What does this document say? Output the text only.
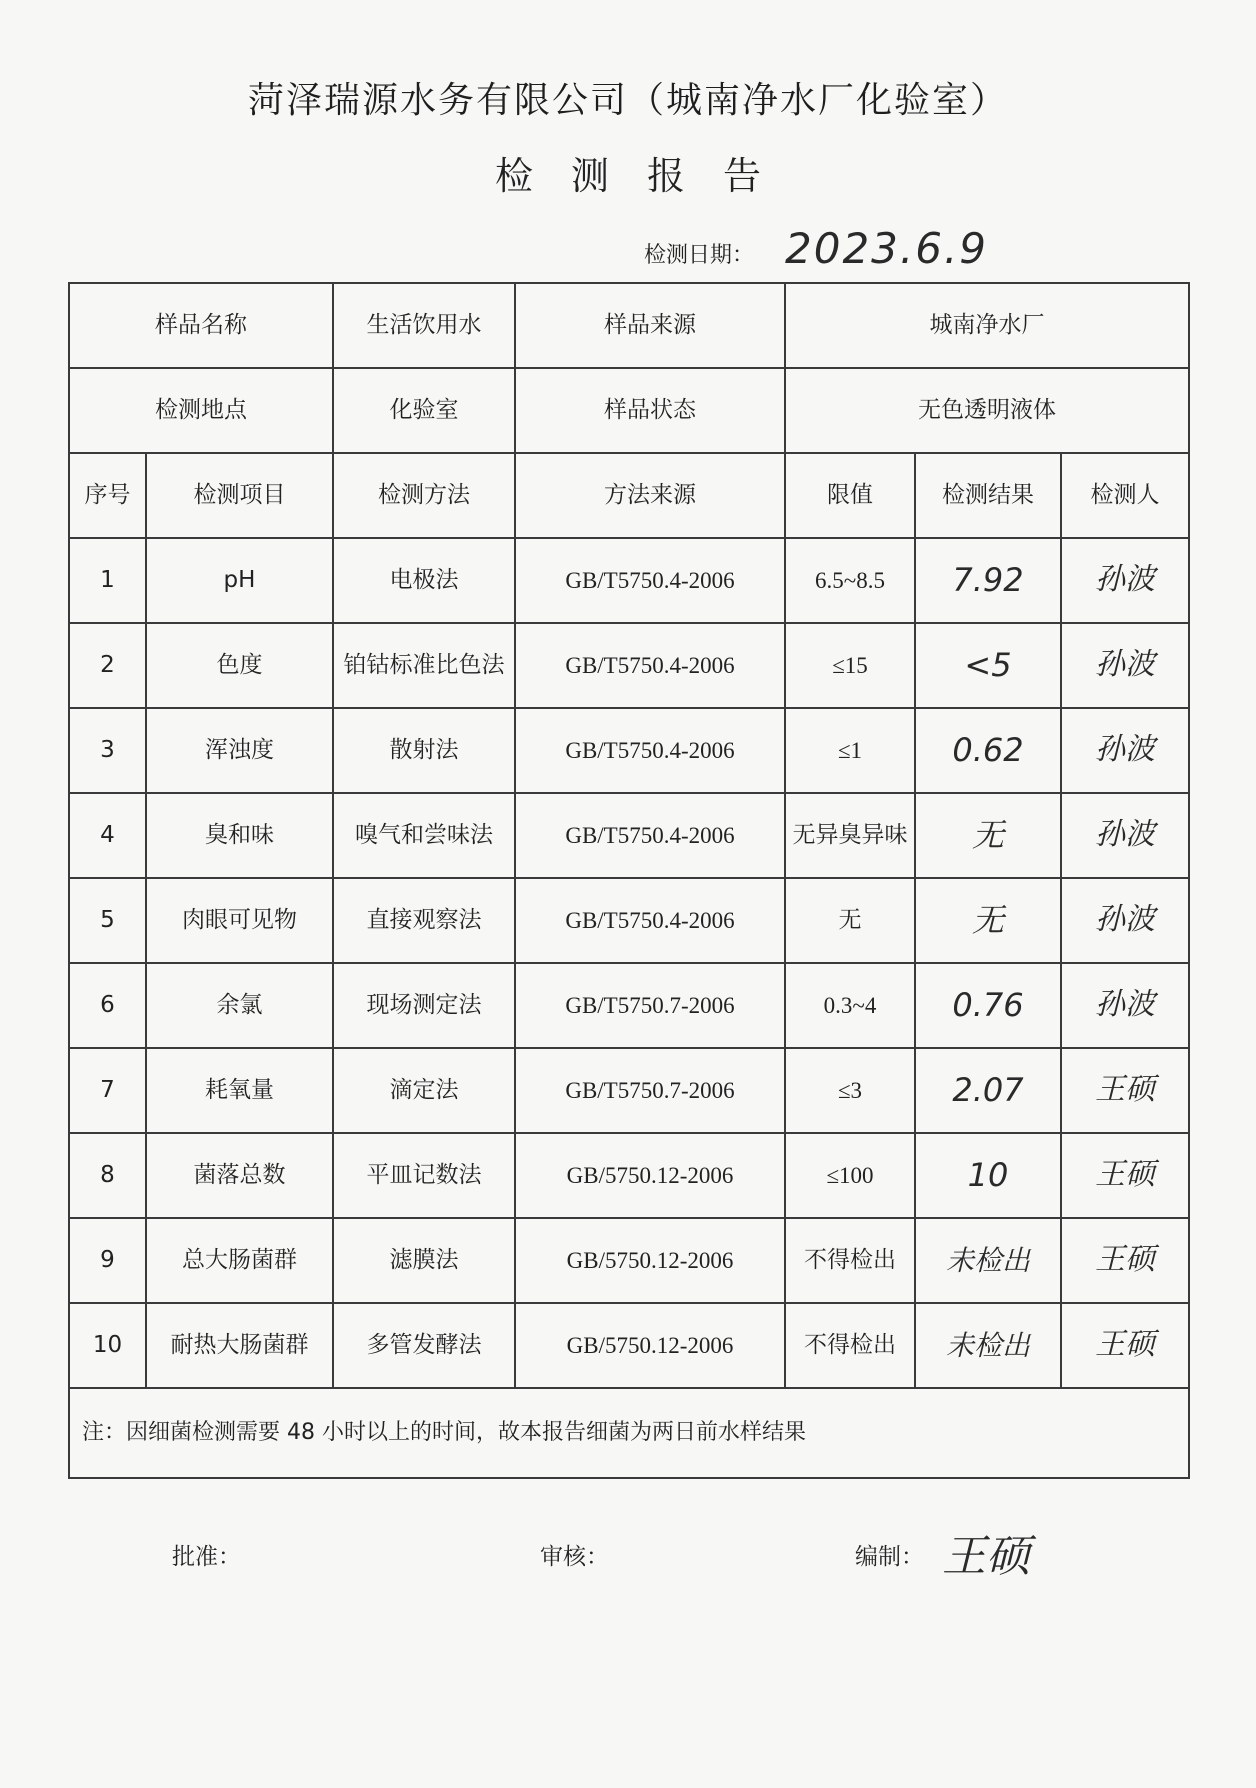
菏泽瑞源水务有限公司（城南净水厂化验室）
检测报告
检测日期： 2023.6.9
样品名称		生活饮用水	样品来源	城南净水厂		
检测地点		化验室	样品状态	无色透明液体		
序号	检测项目	检测方法	方法来源	限值	检测结果	检测人
1	pH	电极法	GB/T5750.4-2006	6.5~8.5	7.92	孙波
2	色度	铂钴标准比色法	GB/T5750.4-2006	≤15	<5	孙波
3	浑浊度	散射法	GB/T5750.4-2006	≤1	0.62	孙波
4	臭和味	嗅气和尝味法	GB/T5750.4-2006	无异臭异味	无	孙波
5	肉眼可见物	直接观察法	GB/T5750.4-2006	无	无	孙波
6	余氯	现场测定法	GB/T5750.7-2006	0.3~4	0.76	孙波
7	耗氧量	滴定法	GB/T5750.7-2006	≤3	2.07	王硕
8	菌落总数	平皿记数法	GB/5750.12-2006	≤100	10	王硕
9	总大肠菌群	滤膜法	GB/5750.12-2006	不得检出	未检出	王硕
10	耐热大肠菌群	多管发酵法	GB/5750.12-2006	不得检出	未检出	王硕
注：因细菌检测需要 48 小时以上的时间，故本报告细菌为两日前水样结果						
批准：	审核：	编制： 王硕
